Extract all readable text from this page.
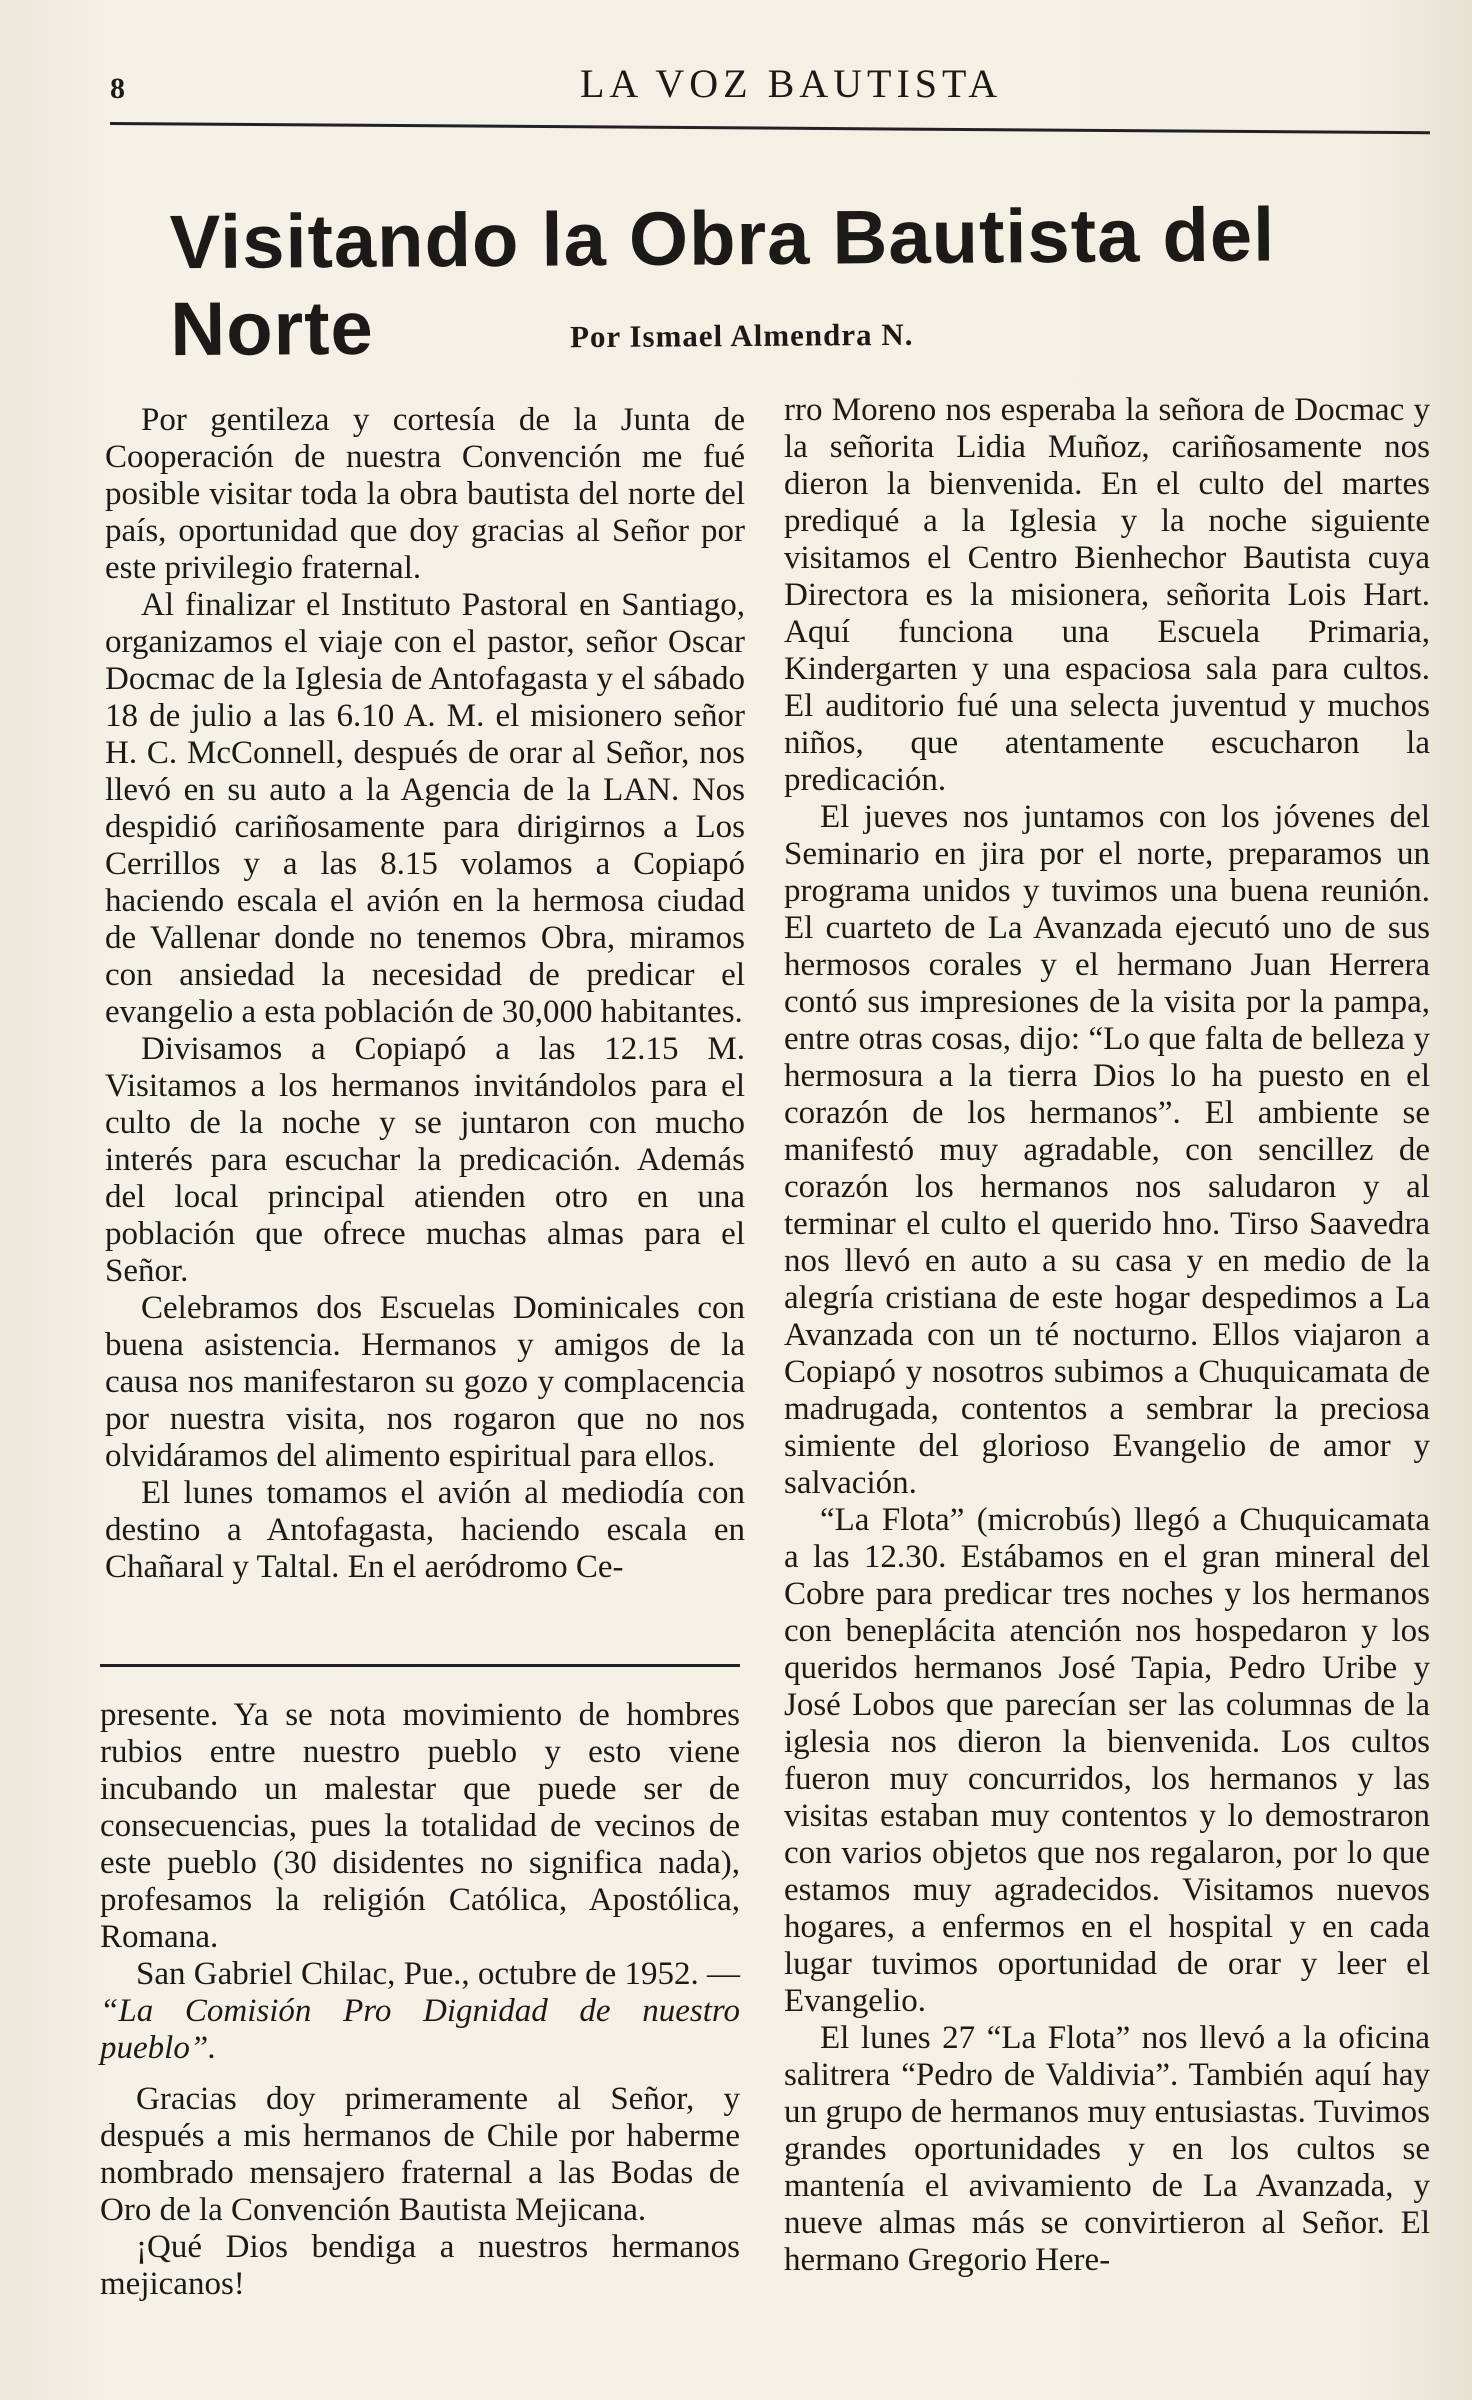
8	LA VOZ BAUTISTA
Visitando la Obra Bautista del Norte	Por Ismael Almendra N.

Por gentileza y cortesía de la Junta de Cooperación de nuestra Convención me fué posible visitar toda la obra bautista del norte del país, oportunidad que doy gracias al Señor por este privilegio fraternal.

Al finalizar el Instituto Pastoral en Santiago, organizamos el viaje con el pastor, señor Oscar Docmac de la Iglesia de Antofagasta y el sábado 18 de julio a las 6.10 A. M. el misionero señor H. C. McConnell, después de orar al Señor, nos llevó en su auto a la Agencia de la LAN. Nos despidió cariñosamente para dirigirnos a Los Cerrillos y a las 8.15 volamos a Copiapó haciendo escala el avión en la hermosa ciudad de Vallenar donde no tenemos Obra, miramos con ansiedad la necesidad de predicar el evangelio a esta población de 30,000 habitantes.

Divisamos a Copiapó a las 12.15 M. Visitamos a los hermanos invitándolos para el culto de la noche y se juntaron con mucho interés para escuchar la predicación. Además del local principal atienden otro en una población que ofrece muchas almas para el Señor.

Celebramos dos Escuelas Dominicales con buena asistencia. Hermanos y amigos de la causa nos manifestaron su gozo y complacencia por nuestra visita, nos rogaron que no nos olvidáramos del alimento espiritual para ellos.

El lunes tomamos el avión al mediodía con destino a Antofagasta, haciendo escala en Chañaral y Taltal. En el aeródromo Ce-

presente. Ya se nota movimiento de hombres rubios entre nuestro pueblo y esto viene incubando un malestar que puede ser de consecuencias, pues la totalidad de vecinos de este pueblo (30 disidentes no significa nada), profesamos la religión Católica, Apostólica, Romana.

San Gabriel Chilac, Pue., octubre de 1952. — “La Comisión Pro Dignidad de nuestro pueblo”.

Gracias doy primeramente al Señor, y después a mis hermanos de Chile por haberme nombrado mensajero fraternal a las Bodas de Oro de la Convención Bautista Mejicana.

¡Qué Dios bendiga a nuestros hermanos mejicanos!

rro Moreno nos esperaba la señora de Docmac y la señorita Lidia Muñoz, cariñosamente nos dieron la bienvenida. En el culto del martes prediqué a la Iglesia y la noche siguiente visitamos el Centro Bienhechor Bautista cuya Directora es la misionera, señorita Lois Hart. Aquí funciona una Escuela Primaria, Kindergarten y una espaciosa sala para cultos. El auditorio fué una selecta juventud y muchos niños, que atentamente escucharon la predicación.

El jueves nos juntamos con los jóvenes del Seminario en jira por el norte, preparamos un programa unidos y tuvimos una buena reunión. El cuarteto de La Avanzada ejecutó uno de sus hermosos corales y el hermano Juan Herrera contó sus impresiones de la visita por la pampa, entre otras cosas, dijo: “Lo que falta de belleza y hermosura a la tierra Dios lo ha puesto en el corazón de los hermanos”. El ambiente se manifestó muy agradable, con sencillez de corazón los hermanos nos saludaron y al terminar el culto el querido hno. Tirso Saavedra nos llevó en auto a su casa y en medio de la alegría cristiana de este hogar despedimos a La Avanzada con un té nocturno. Ellos viajaron a Copiapó y nosotros subimos a Chuquicamata de madrugada, contentos a sembrar la preciosa simiente del glorioso Evangelio de amor y salvación.

“La Flota” (microbús) llegó a Chuquicamata a las 12.30. Estábamos en el gran mineral del Cobre para predicar tres noches y los hermanos con beneplácita atención nos hospedaron y los queridos hermanos José Tapia, Pedro Uribe y José Lobos que parecían ser las columnas de la iglesia nos dieron la bienvenida. Los cultos fueron muy concurridos, los hermanos y las visitas estaban muy contentos y lo demostraron con varios objetos que nos regalaron, por lo que estamos muy agradecidos. Visitamos nuevos hogares, a enfermos en el hospital y en cada lugar tuvimos oportunidad de orar y leer el Evangelio.

El lunes 27 “La Flota” nos llevó a la oficina salitrera “Pedro de Valdivia”. También aquí hay un grupo de hermanos muy entusiastas. Tuvimos grandes oportunidades y en los cultos se mantenía el avivamiento de La Avanzada, y nueve almas más se convirtieron al Señor. El hermano Gregorio Here-
